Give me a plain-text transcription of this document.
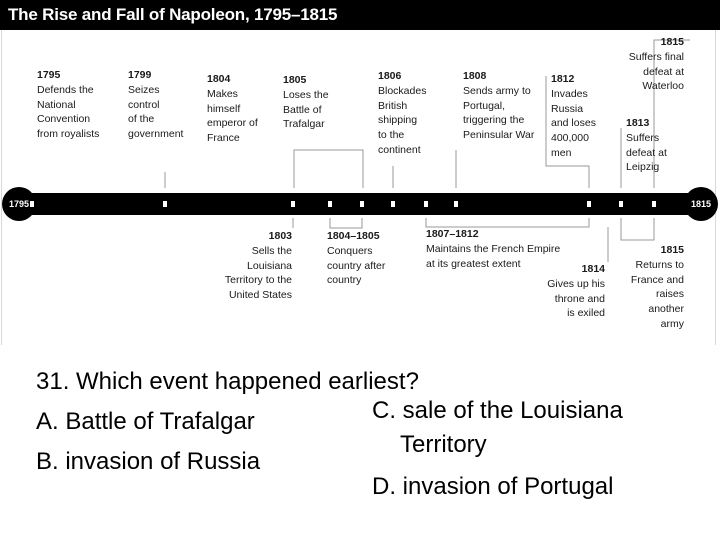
The Rise and Fall of Napoleon, 1795–1815
1795	1815
1795
Defends the
National
Convention
from royalists
1799
Seizes
control
of the
government
1804
Makes
himself
emperor of
France
1805
Loses the
Battle of
Trafalgar
1806
Blockades
British
shipping
to the
continent
1808
Sends army to
Portugal,
triggering the
Peninsular War
1812
Invades
Russia
and loses
400,000
men
1813
Suffers
defeat at
Leipzig
1815
Suffers final
defeat at
Waterloo
1803
Sells the
Louisiana
Territory to the
United States
1804–1805
Conquers
country after
country
1807–1812
Maintains the French Empire
at its greatest extent	1814
Gives up his
throne and
is exiled
1815
Returns to
France and
raises
another
army
31. Which event happened earliest?
A. Battle of Trafalgar
B. invasion of Russia
C. sale of the Louisiana
Territory
D. invasion of Portugal
